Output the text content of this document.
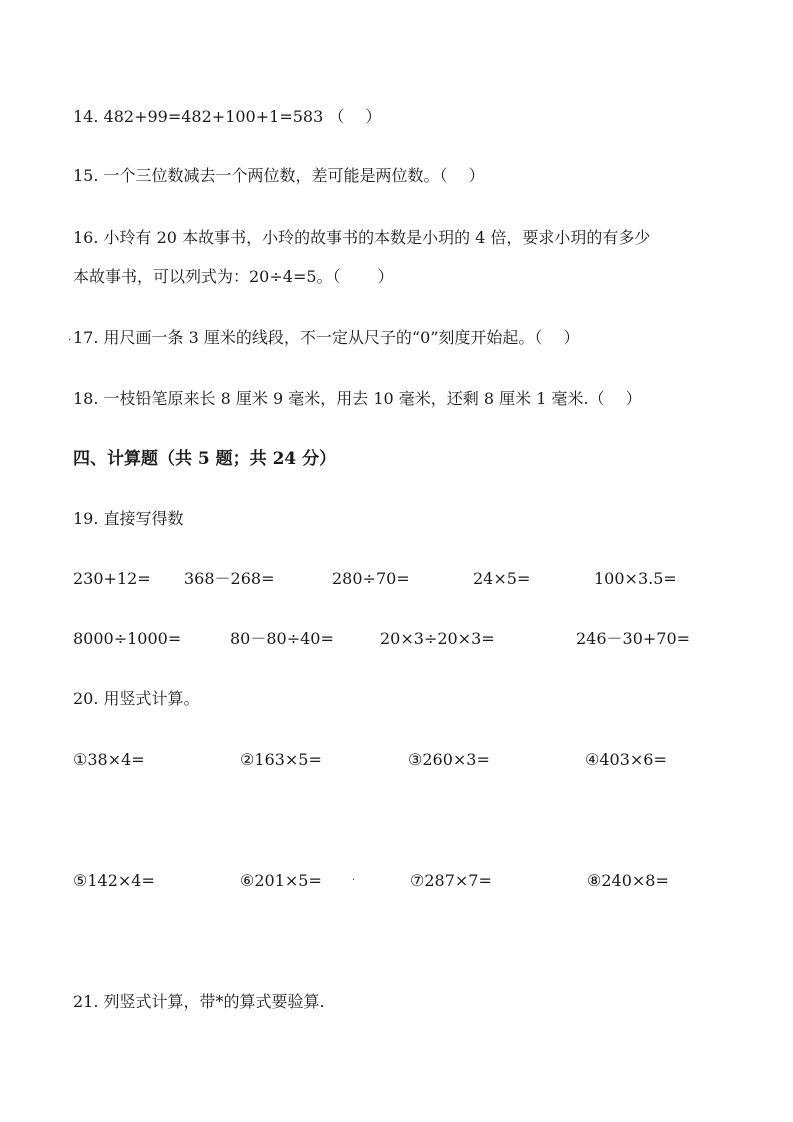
14. 482+99=482+100+1=583 （　 ）
15. 一个三位数减去一个两位数，差可能是两位数。（　 ）
16. 小玲有 20 本故事书，小玲的故事书的本数是小玥的 4 倍，要求小玥的有多少
本故事书，可以列式为：20÷4=5。（　　 ）
· 17. 用尺画一条 3 厘米的线段，不一定从尺子的“0”刻度开始起。（　 ）
18. 一枝铅笔原来长 8 厘米 9 毫米，用去 10 毫米，还剩 8 厘米 1 毫米.（　 ）
四、计算题（共 5 题；共 24 分）
19. 直接写得数
230+12= 368－268=	280÷70=	24×5=	100×3.5=
8000÷1000=	80－80÷40=	20×3÷20×3=	246－30+70=
20. 用竖式计算。
①38×4=	②163×5=	③260×3=	④403×6=
⑤142×4=	⑥201×5=	·	⑦287×7=	⑧240×8=
21. 列竖式计算，带*的算式要验算.
